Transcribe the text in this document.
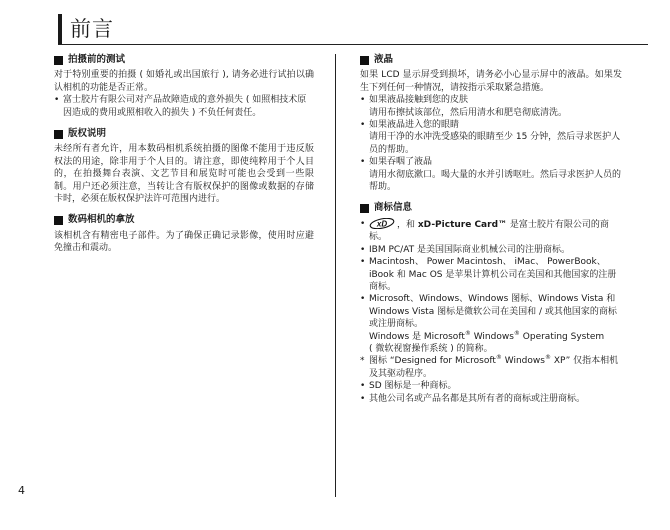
前言
拍摄前的测试

对于特别重要的拍摄 ( 如婚礼或出国旅行 ), 请务必进行试拍以确认相机的功能是否正常。

• 富士胶片有限公司对产品故障造成的意外损失 ( 如照相技术原因造成的费用或照相收入的损失 ) 不负任何责任。
版权说明

未经所有者允许，用本数码相机系统拍摄的图像不能用于违反版权法的用途，除非用于个人目的。请注意，即使纯粹用于个人目的，在拍摄舞台表演、文艺节目和展览时可能也会受到一些限制。用户还必须注意，当转让含有版权保护的图像或数据的存储卡时，必须在版权保护法许可范围内进行。

数码相机的拿放

该相机含有精密电子部件。为了确保正确记录影像，使用时应避免撞击和震动。

液晶

如果 LCD 显示屏受到损坏，请务必小心显示屏中的液晶。如果发生下列任何一种情况，请按指示采取紧急措施。

• 如果液晶接触到您的皮肤
请用布擦拭该部位，然后用清水和肥皂彻底清洗。
• 如果液晶进入您的眼睛
请用干净的水冲洗受感染的眼睛至少 15 分钟，然后寻求医护人员的帮助。
• 如果吞咽了液晶
请用水彻底漱口。喝大量的水并引诱呕吐。然后寻求医护人员的帮助。
商标信息
• xD ，和 xD-Picture Card™ 是富士胶片有限公司的商标。
• IBM PC/AT 是美国国际商业机械公司的注册商标。
• Macintosh、 Power Macintosh、 iMac、 PowerBook、 iBook 和 Mac OS 是苹果计算机公司在美国和其他国家的注册商标。
• Microsoft、Windows、Windows 图标、Windows Vista 和 Windows Vista 图标是微软公司在美国和 / 或其他国家的商标或注册商标。
Windows 是 Microsoft® Windows® Operating System
( 微软视窗操作系统 ) 的简称。
* 图标 “Designed for Microsoft® Windows® XP” 仅指本相机及其驱动程序。
• SD 图标是一种商标。
• 其他公司名或产品名都是其所有者的商标或注册商标。
4
